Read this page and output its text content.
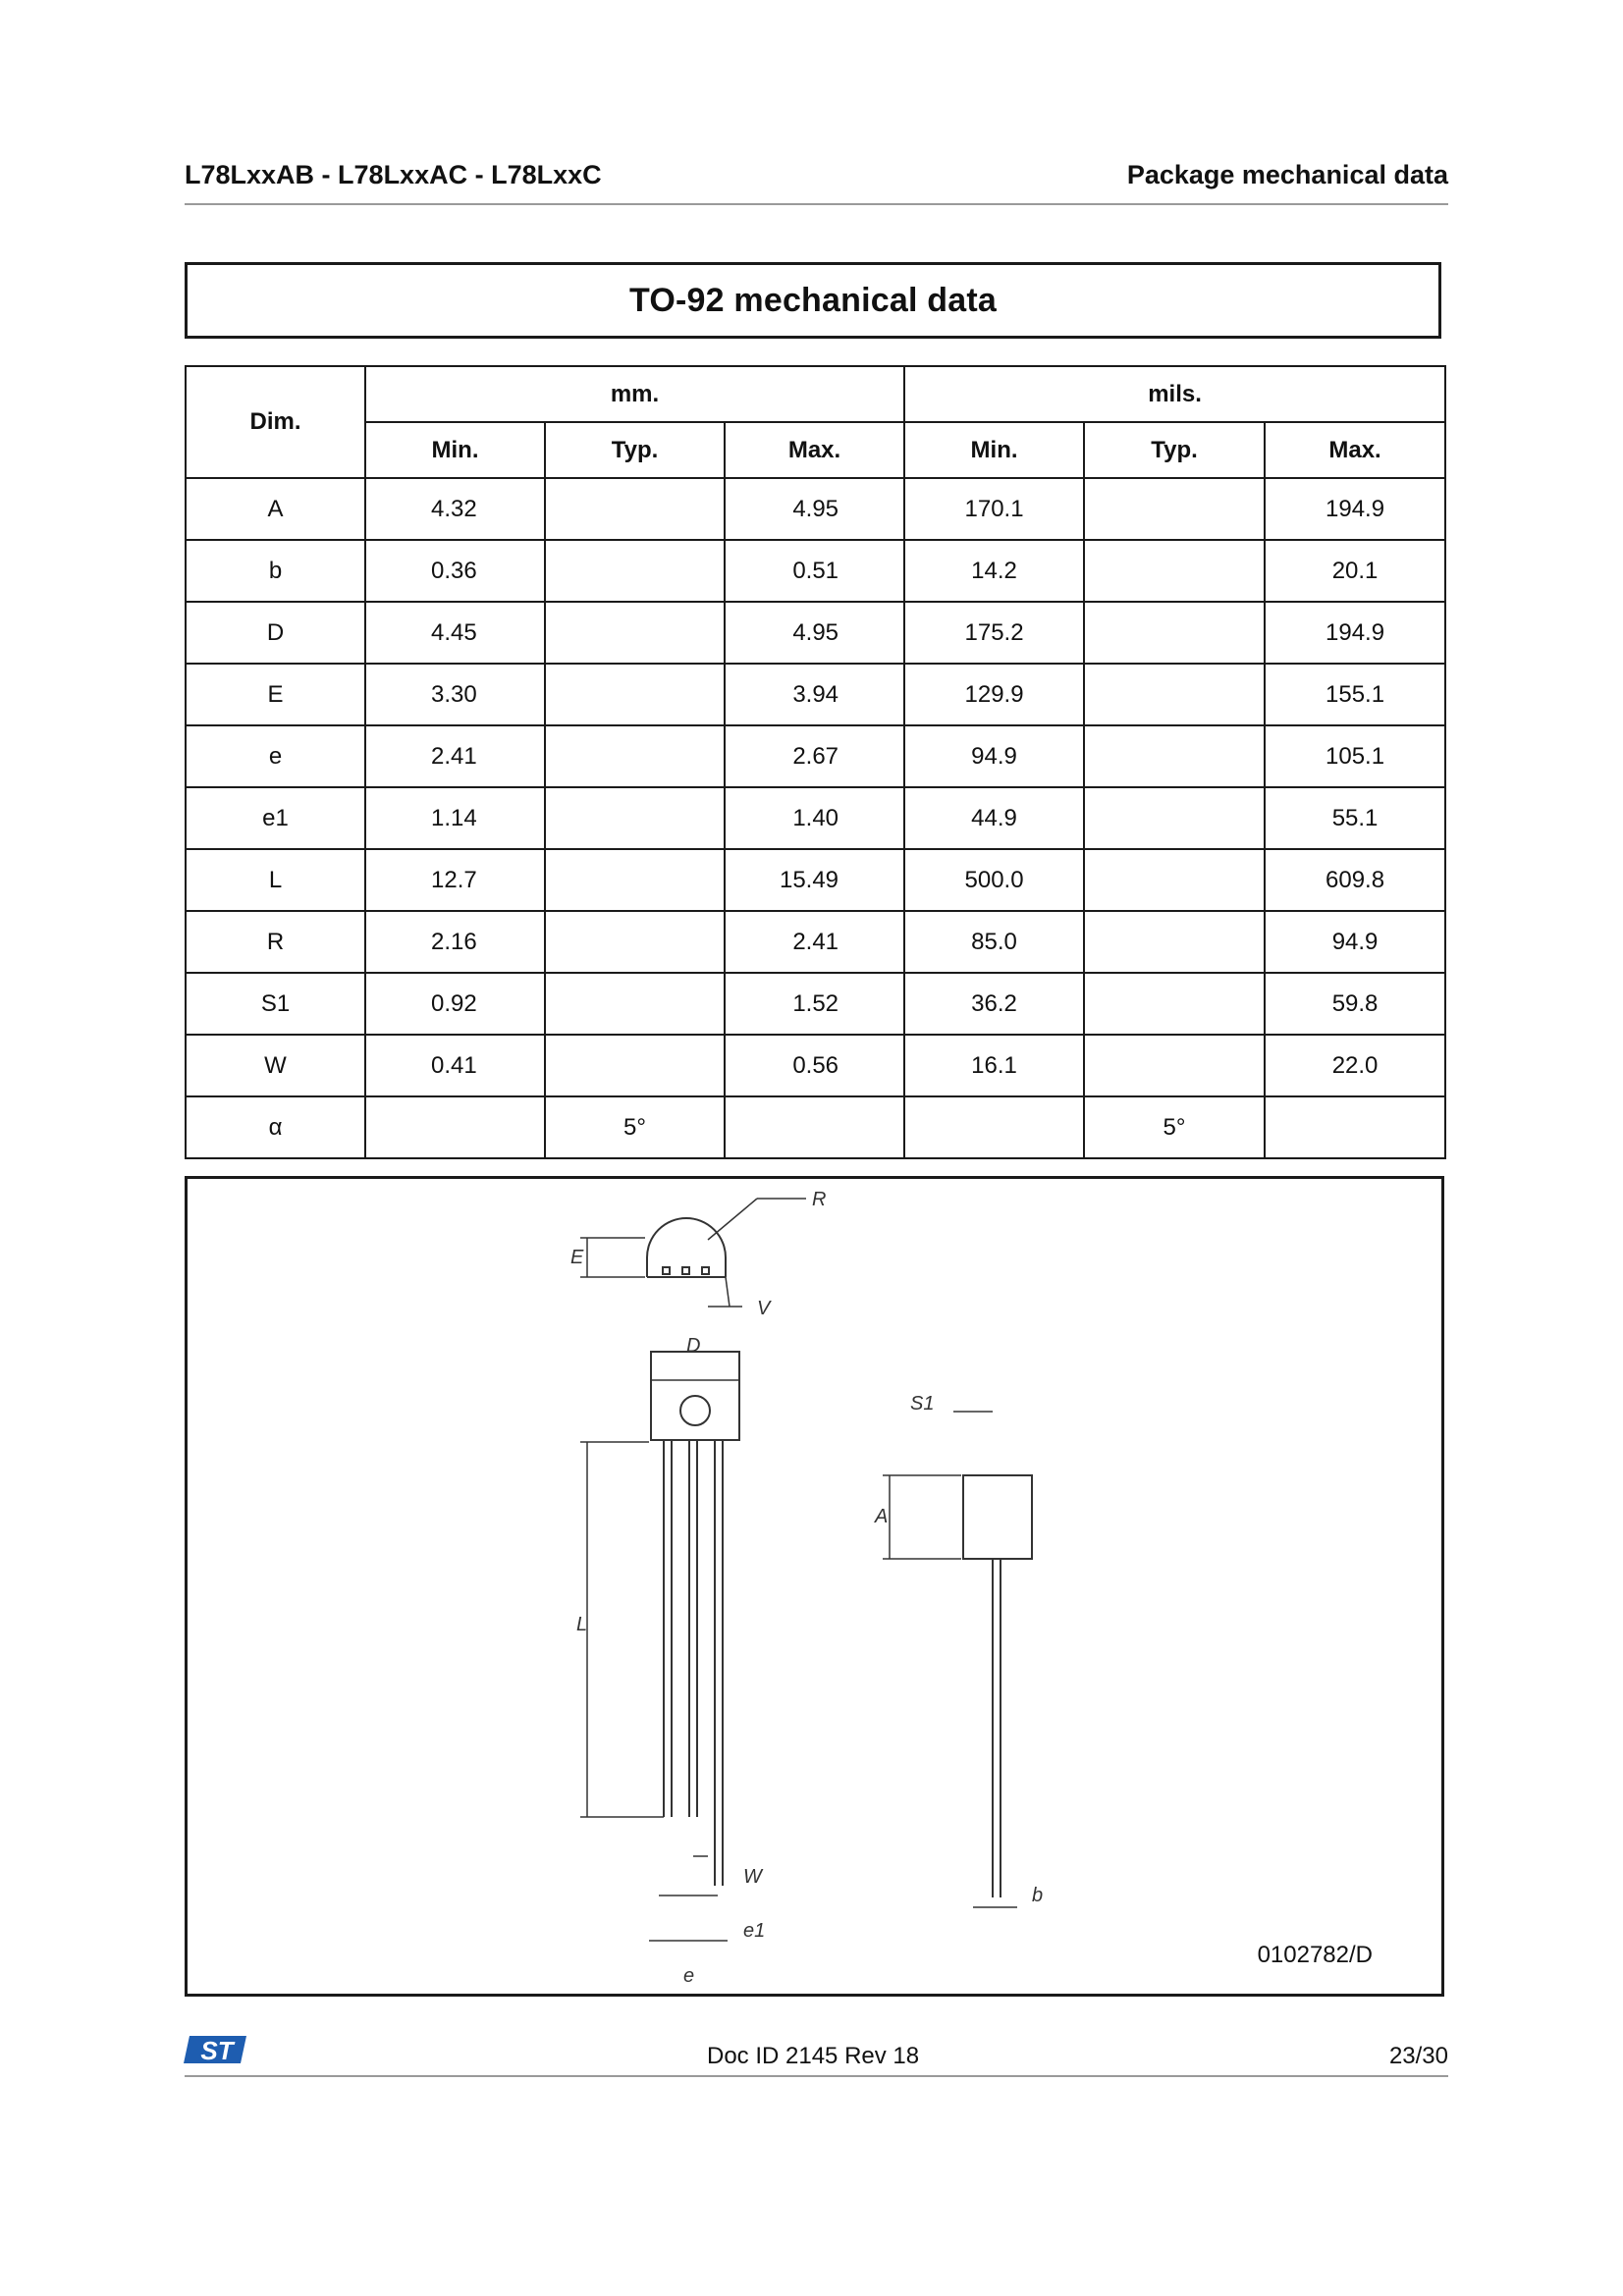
L78LxxAB - L78LxxAC - L78LxxC	Package mechanical data
TO-92 mechanical data
Dim.	mm.			mils.		
	Min.	Typ.	Max.	Min.	Typ.	Max.
A	4.32		4.95	170.1		194.9
b	0.36		0.51	14.2		20.1
D	4.45		4.95	175.2		194.9
E	3.30		3.94	129.9		155.1
e	2.41		2.67	94.9		105.1
e1	1.14		1.40	44.9		55.1
L	12.7		15.49	500.0		609.8
R	2.16		2.41	85.0		94.9
S1	0.92		1.52	36.2		59.8
W	0.41		0.56	16.1		22.0
α		5°			5°	
R
E
V
D
S1
A
L
W
e1
e
b
0102782/D
ST	Doc ID 2145 Rev 18	23/30
